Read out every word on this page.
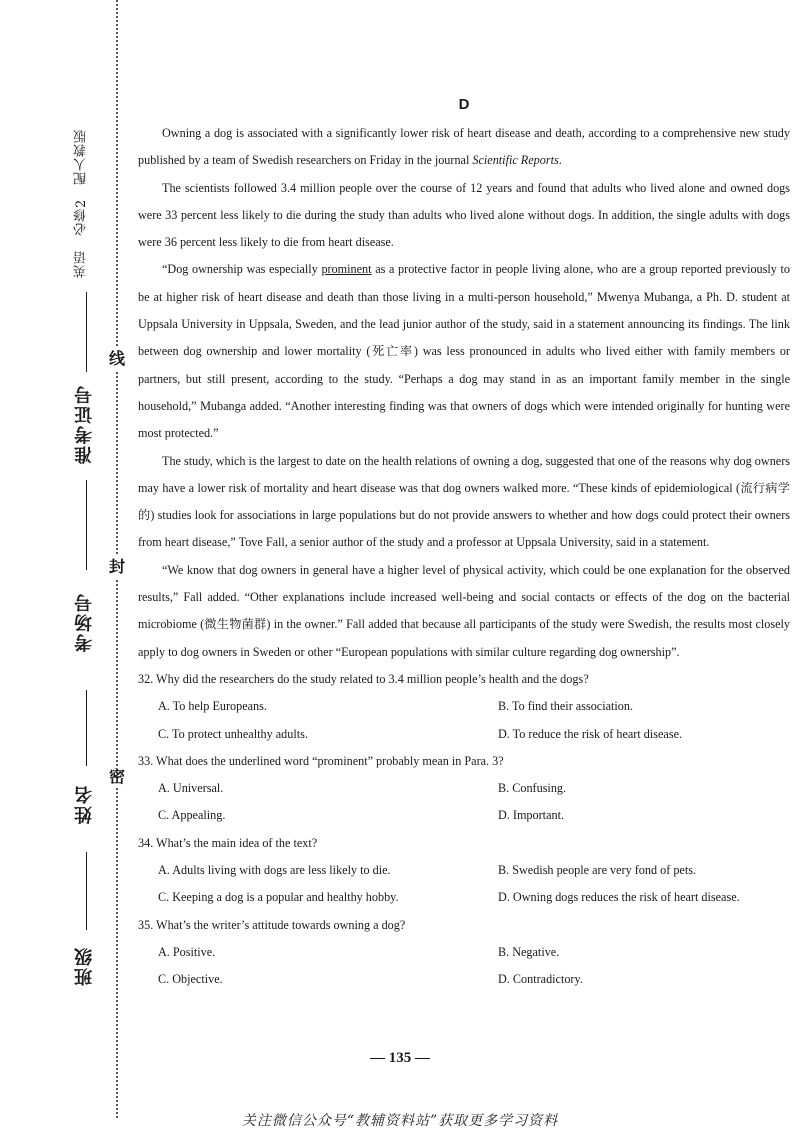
线
封
密
英语　必修2　配人教版
准考证号
考场号
姓名
班级
D

Owning a dog is associated with a significantly lower risk of heart disease and death, according to a comprehensive new study published by a team of Swedish researchers on Friday in the journal Scientific Reports.

The scientists followed 3.4 million people over the course of 12 years and found that adults who lived alone and owned dogs were 33 percent less likely to die during the study than adults who lived alone without dogs. In addition, the single adults with dogs were 36 percent less likely to die from heart disease.

“Dog ownership was especially prominent as a protective factor in people living alone, who are a group reported previously to be at higher risk of heart disease and death than those living in a multi-person household,” Mwenya Mubanga, a Ph. D. student at Uppsala University in Uppsala, Sweden, and the lead junior author of the study, said in a statement announcing its findings. The link between dog ownership and lower mortality (死亡率) was less pronounced in adults who lived either with family members or partners, but still present, according to the study. “Perhaps a dog may stand in as an important family member in the single household,” Mubanga added. “Another interesting finding was that owners of dogs which were intended originally for hunting were most protected.”

The study, which is the largest to date on the health relations of owning a dog, suggested that one of the reasons why dog owners may have a lower risk of mortality and heart disease was that dog owners walked more. “These kinds of epidemiological (流行病学的) studies look for associations in large populations but do not provide answers to whether and how dogs could protect their owners from heart disease,” Tove Fall, a senior author of the study and a professor at Uppsala University, said in a statement.

“We know that dog owners in general have a higher level of physical activity, which could be one explanation for the observed results,” Fall added. “Other explanations include increased well-being and social contacts or effects of the dog on the bacterial microbiome (微生物菌群) in the owner.” Fall added that because all participants of the study were Swedish, the results most closely apply to dog owners in Sweden or other “European populations with similar culture regarding dog ownership”.

32. Why did the researchers do the study related to 3.4 million people’s health and the dogs?

A. To help Europeans.	B. To find their association.
C. To protect unhealthy adults.	D. To reduce the risk of heart disease.

33. What does the underlined word “prominent” probably mean in Para. 3?

A. Universal.	B. Confusing.
C. Appealing.	D. Important.

34. What’s the main idea of the text?

A. Adults living with dogs are less likely to die.	B. Swedish people are very fond of pets.
C. Keeping a dog is a popular and healthy hobby.	D. Owning dogs reduces the risk of heart disease.

35. What’s the writer’s attitude towards owning a dog?

A. Positive.	B. Negative.
C. Objective.	D. Contradictory.
— 135 —
关注微信公众号“教辅资料站”获取更多学习资料
